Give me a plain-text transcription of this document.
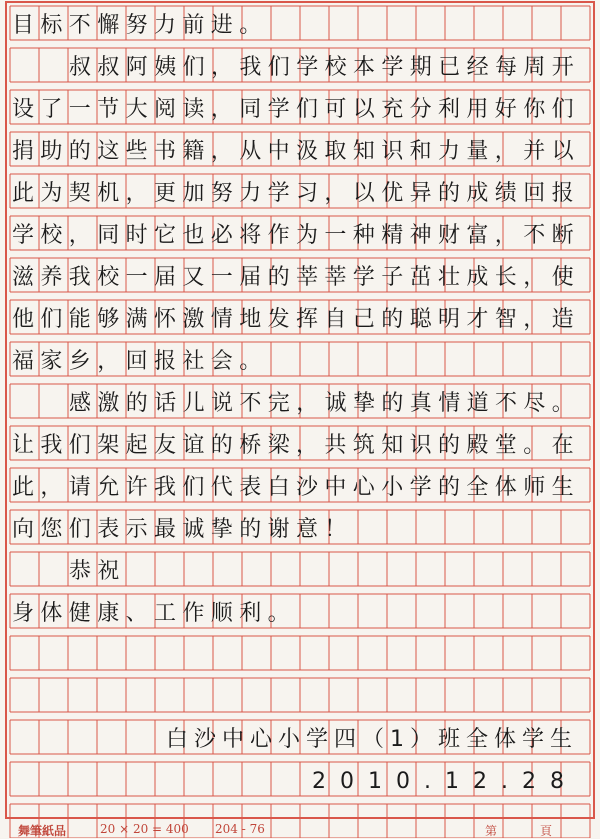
目标不懈努力前进。
叔叔阿姨们，我们学校本学期已经每周开
设了一节大阅读，同学们可以充分利用好你们
捐助的这些书籍，从中汲取知识和力量，并以
此为契机，更加努力学习，以优异的成绩回报
学校，同时它也必将作为一种精神财富，不断
滋养我校一届又一届的莘莘学子茁壮成长，使
他们能够满怀激情地发挥自己的聪明才智，造
福家乡，回报社会。
感激的话儿说不完，诚挚的真情道不尽。
让我们架起友谊的桥梁，共筑知识的殿堂。在
此，请允许我们代表白沙中心小学的全体师生
向您们表示最诚挚的谢意！
恭祝
身体健康、工作顺利。
白沙中心小学四（1）班全体学生
2010.12.28
舞筆紙品	20 × 20 = 400 204 - 76	第	頁
